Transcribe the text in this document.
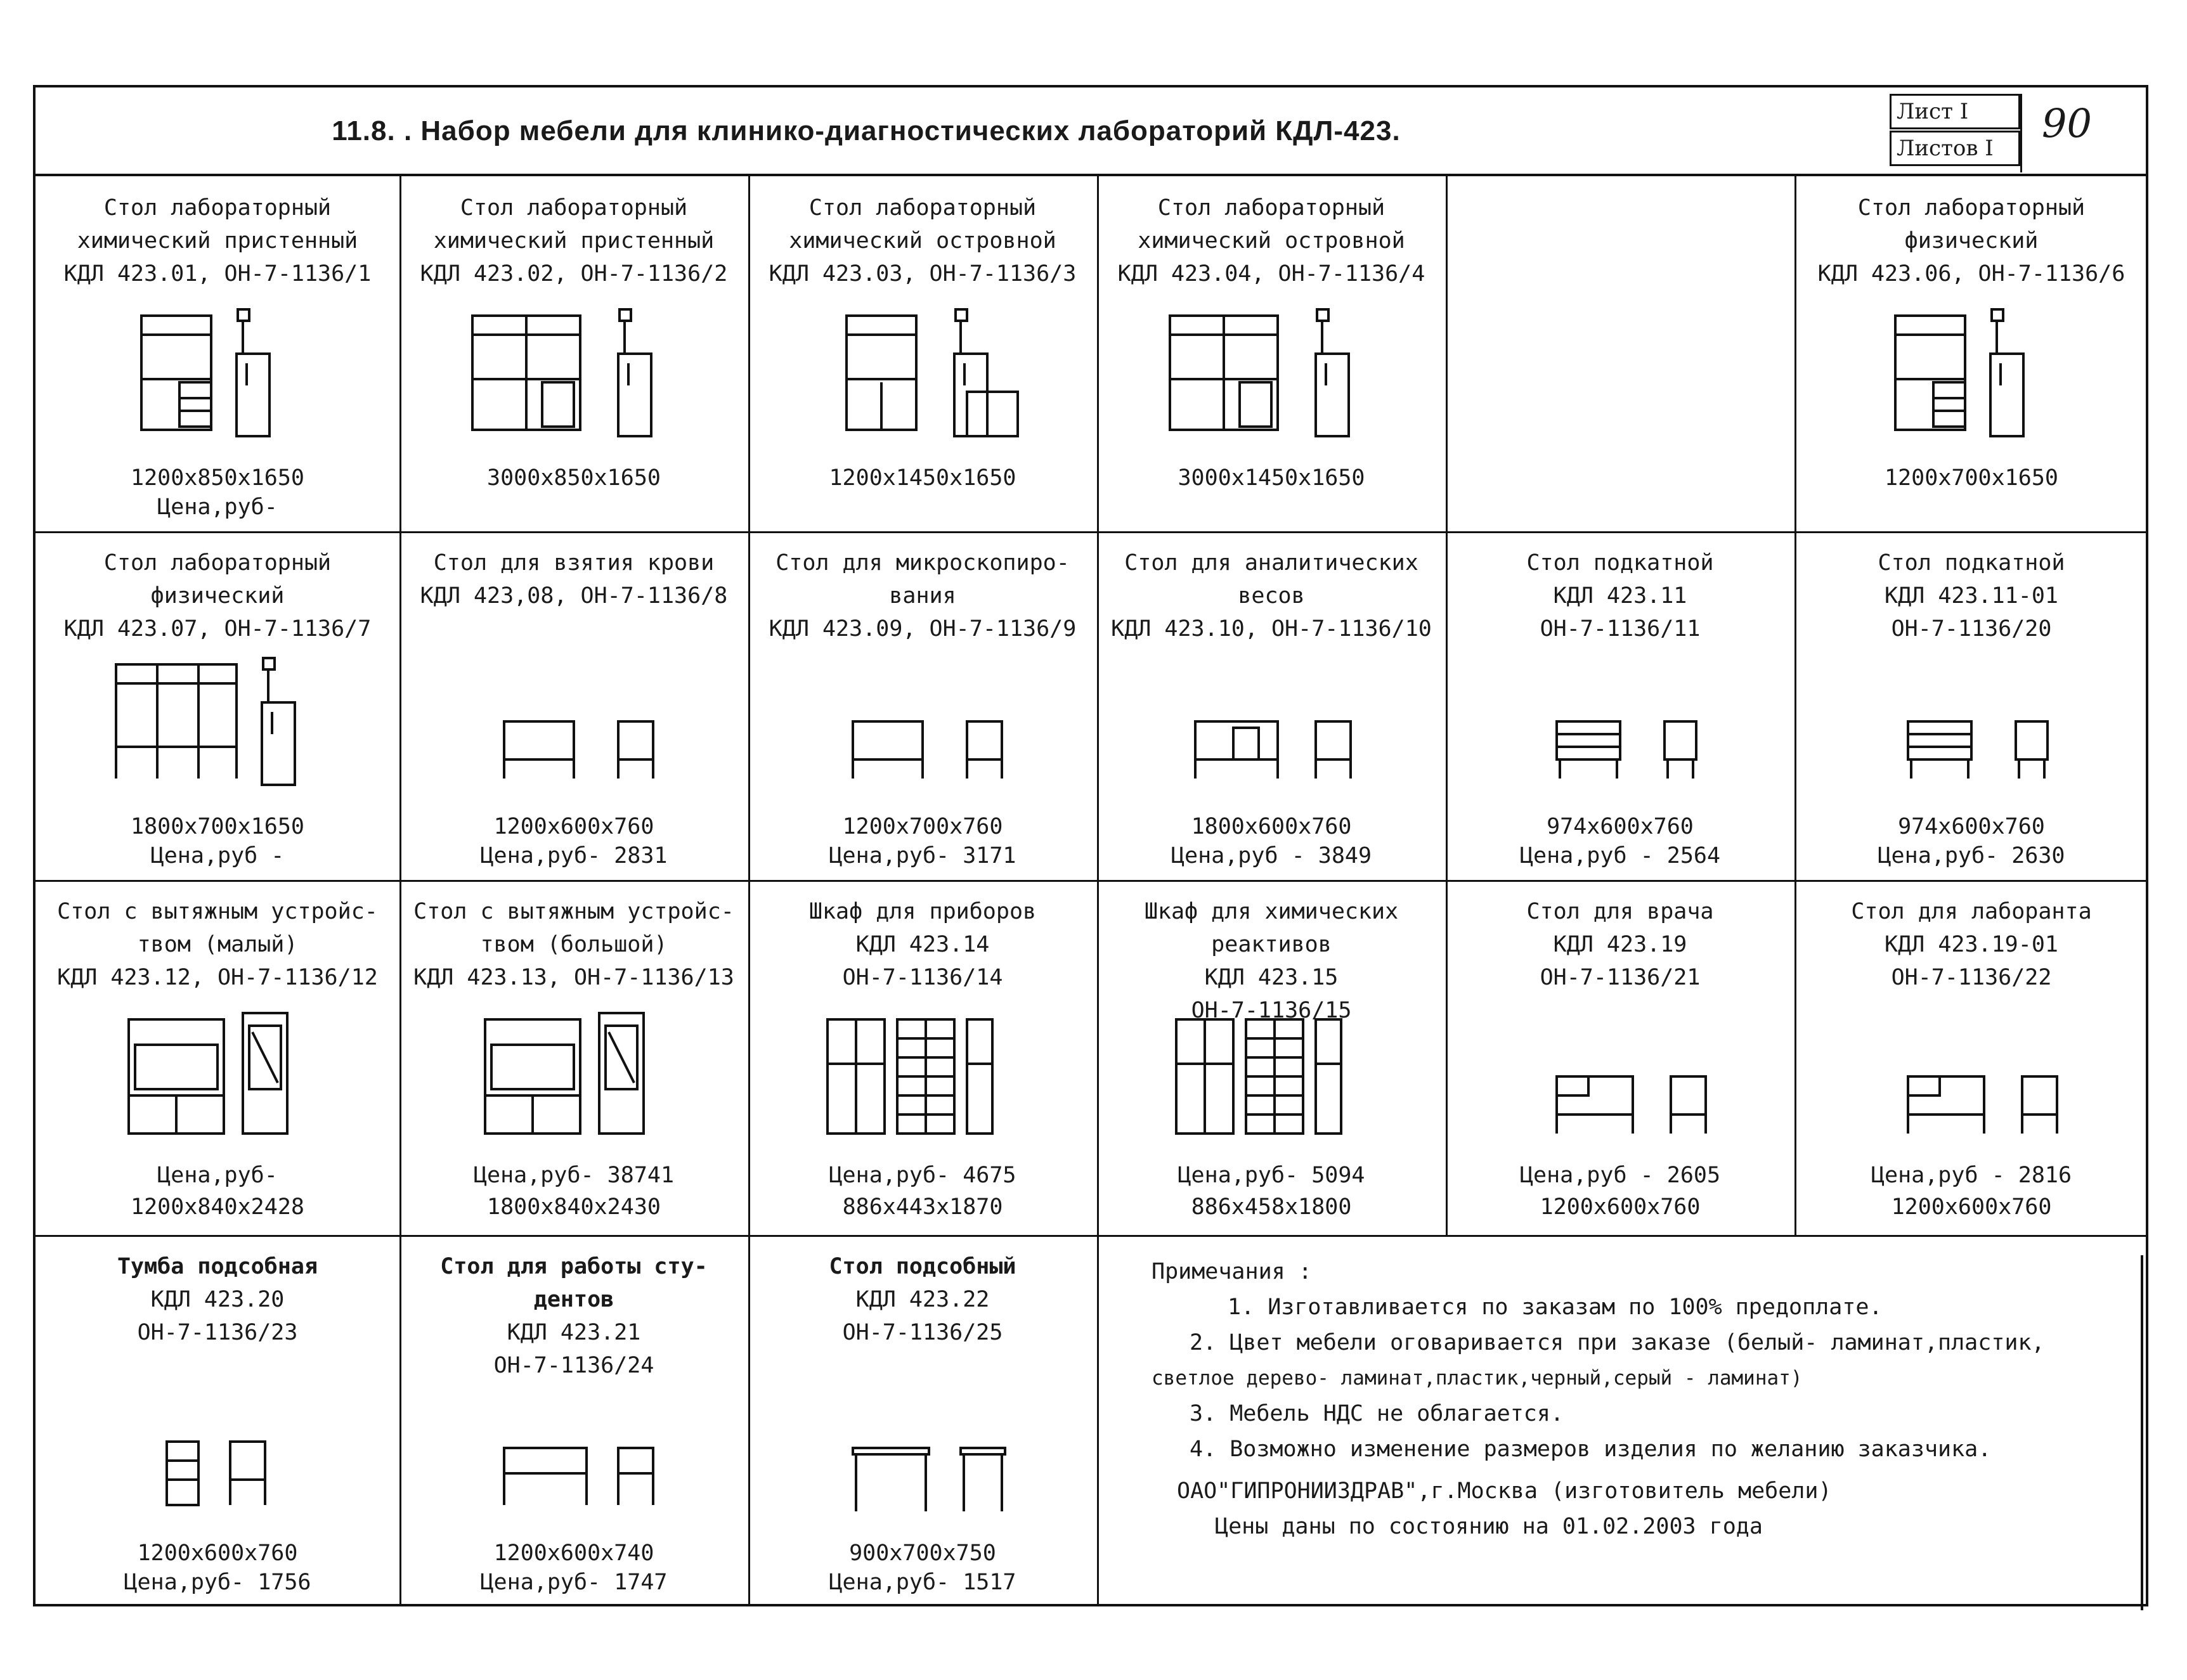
11.8. . Набор мебели для клинико-диагностических лабораторий КДЛ-423.
Лист I
Листов I
90
Стол лабораторный
химический пристенный
КДЛ 423.01, ОН-7-1136/1
1200x850x1650
Цена,руб-
Стол лабораторный
химический пристенный
КДЛ 423.02, ОН-7-1136/2
3000x850x1650
Стол лабораторный
химический островной
КДЛ 423.03, ОН-7-1136/3
1200x1450x1650
Стол лабораторный
химический островной
КДЛ 423.04, ОН-7-1136/4
3000x1450x1650
Стол лабораторный
физический
КДЛ 423.06, ОН-7-1136/6
1200x700x1650
Стол лабораторный
физический
КДЛ 423.07, ОН-7-1136/7
1800x700x1650
Цена,руб -
Стол для взятия крови
КДЛ 423,08, ОН-7-1136/8
1200x600x760
Цена,руб- 2831
Стол для микроскопиро-
вания
КДЛ 423.09, ОН-7-1136/9
1200x700x760
Цена,руб- 3171
Стол для аналитических
весов
КДЛ 423.10, ОН-7-1136/10
1800x600x760
Цена,руб - 3849
Стол подкатной
КДЛ 423.11
ОН-7-1136/11
974x600x760
Цена,руб - 2564
Стол подкатной
КДЛ 423.11-01
ОН-7-1136/20
974x600x760
Цена,руб- 2630
Стол с вытяжным устройс-
твом (малый)
КДЛ 423.12, ОН-7-1136/12
1200x840x2428
Цена,руб-
Стол с вытяжным устройс-
твом (большой)
КДЛ 423.13, ОН-7-1136/13
1800x840x2430
Цена,руб- 38741
Шкаф для приборов
КДЛ 423.14
ОН-7-1136/14
886x443x1870
Цена,руб- 4675
Шкаф для химических
реактивов
КДЛ 423.15
ОН-7-1136/15
886x458x1800
Цена,руб- 5094
Стол для врача
КДЛ 423.19
ОН-7-1136/21
1200x600x760
Цена,руб - 2605
Стол для лаборанта
КДЛ 423.19-01
ОН-7-1136/22
1200x600x760
Цена,руб - 2816
Тумба подсобная
КДЛ 423.20
ОН-7-1136/23
1200x600x760
Цена,руб- 1756
Стол для работы сту-
дентов
КДЛ 423.21
ОН-7-1136/24
1200x600x740
Цена,руб- 1747
Стол подсобный
КДЛ 423.22
ОН-7-1136/25
900x700x750
Цена,руб- 1517
Примечания :
1. Изготавливается по заказам по 100% предоплате.
2. Цвет мебели оговаривается при заказе (белый- ламинат,пластик,
светлое дерево- ламинат,пластик,черный,серый - ламинат)
3. Мебель НДС не облагается.
4. Возможно изменение размеров изделия по желанию заказчика.
ОАО"ГИПРОНИИЗДРАВ",г.Москва (изготовитель мебели)
Цены даны по состоянию на 01.02.2003 года
